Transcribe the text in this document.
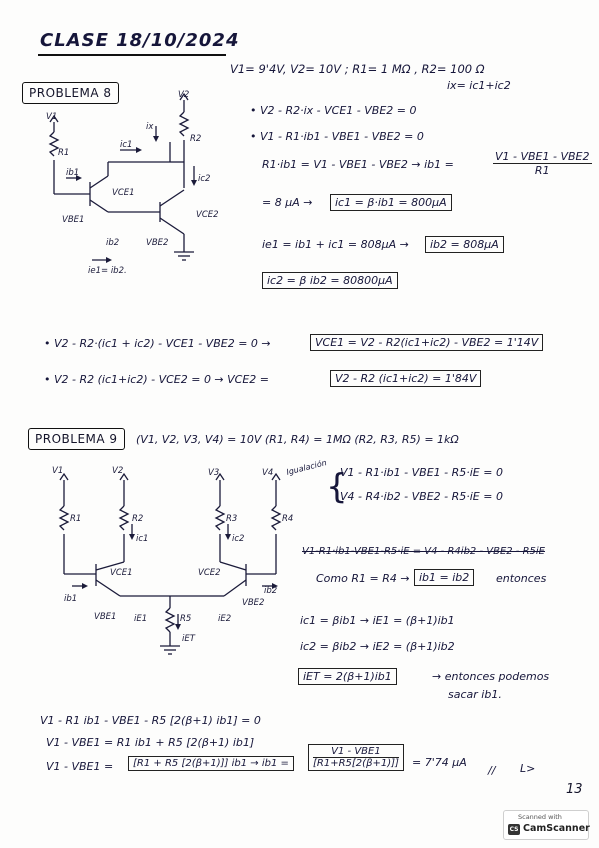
CLASE 18/10/2024
PROBLEMA 8
V1= 9'4V, V2= 10V ; R1= 1 MΩ , R2= 100 Ω
ix= ic1+ic2
V1
V2
R1
R2
ix
ic1
ib1
ic2
VCE1
VCE2
VBE1
VBE2
ib2
ie1= ib2.
• V2 - R2·ix - VCE1 - VBE2 = 0
• V1 - R1·ib1 - VBE1 - VBE2 = 0
R1·ib1 = V1 - VBE1 - VBE2 → ib1 =
V1 - VBE1 - VBE2
R1
= 8 μA →	ic1 = β·ib1 = 800μA
ie1 = ib1 + ic1 = 808μA →	ib2 = 808μA
ic2 = β ib2 = 80800μA
• V2 - R2·(ic1 + ic2) - VCE1 - VBE2 = 0 →	VCE1 = V2 - R2(ic1+ic2) - VBE2 = 1'14V
• V2 - R2 (ic1+ic2) - VCE2 = 0 → VCE2 =	V2 - R2 (ic1+ic2) = 1'84V
PROBLEMA 9	(V1, V2, V3, V4) = 10V (R1, R4) = 1MΩ (R2, R3, R5) = 1kΩ
Igualación
V1	V2	V3	V4
R1	R2	R3	R4
R5
ic1	ic2
VCE1	VCE2
ib1
ib2
VBE1
VBE2
iE1	iE2
iET
{
V1 - R1·ib1 - VBE1 - R5·iE = 0
V4 - R4·ib2 - VBE2 - R5·iE = 0
V1-R1·ib1-VBE1-R5·iE = V4 - R4ib2 - VBE2 - R5iE
Como R1 = R4 → ib1 = ib2	entonces
ic1 = βib1 → iE1 = (β+1)ib1
ic2 = βib2 → iE2 = (β+1)ib2
iET = 2(β+1)ib1	→ entonces podemos
sacar ib1.
V1 - R1 ib1 - VBE1 - R5 [2(β+1) ib1] = 0
V1 - VBE1 = R1 ib1 + R5 [2(β+1) ib1]
V1 - VBE1 =	[R1 + R5 [2(β+1)]] ib1 → ib1 =
V1 - VBE1
[R1+R5[2(β+1)]] = 7'74 μA
// L>
13
Scanned with
CS CamScanner
